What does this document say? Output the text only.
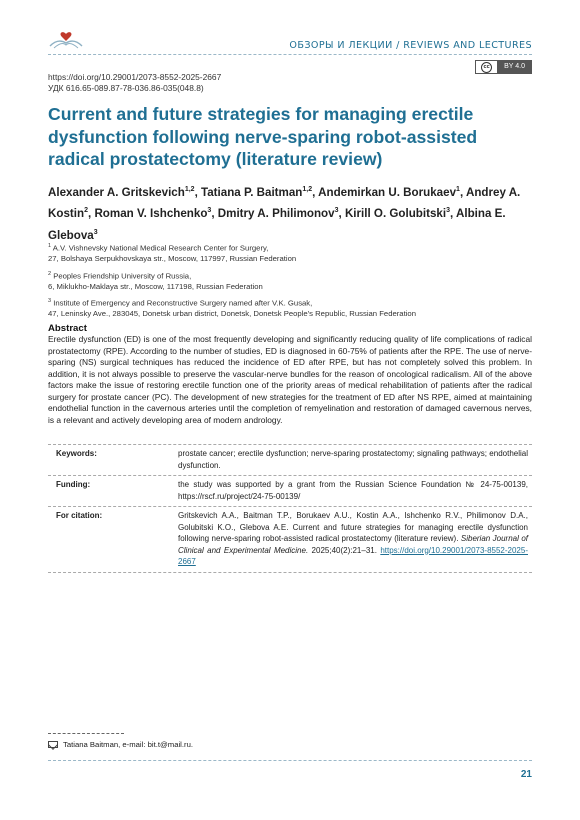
ОБЗОРЫ И ЛЕКЦИИ / REVIEWS AND LECTURES
cc	BY 4.0
https://doi.org/10.29001/2073-8552-2025-2667
УДК 616.65-089.87-78-036.86-035(048.8)
Current and future strategies for managing erectile dysfunction following nerve-sparing robot-assisted radical prostatectomy (literature review)
Alexander A. Gritskevich$^{1,2}$, Tatiana P. Baitman$^{1,2}$, Andemirkan U. Borukaev$^1$, Andrey A. Kostin$^2$, Roman V. Ishchenko$^3$, Dmitry A. Philimonov$^3$, Kirill O. Golubitski$^3$, Albina E. Glebova$^3$
$^1$ A.V. Vishnevsky National Medical Research Center for Surgery,
27, Bolshaya Serpukhovskaya str., Moscow, 117997, Russian Federation
$^2$ Peoples Friendship University of Russia,
6, Miklukho-Maklaya str., Moscow, 117198, Russian Federation
$^3$ Institute of Emergency and Reconstructive Surgery named after V.K. Gusak,
47, Leninsky Ave., 283045, Donetsk urban district, Donetsk, Donetsk People's Republic, Russian Federation
Abstract
Erectile dysfunction (ED) is one of the most frequently developing and significantly reducing quality of life complications of radical prostatectomy (RPE). According to the number of studies, ED is diagnosed in 60-75% of patients after the RPE. The use of nerve-sparing (NS) surgical techniques has reduced the incidence of ED after RPE, but has not completely solved this problem. In addition, it is not always possible to preserve the vascular-nerve bundles for the reason of oncological radicalism. All of the above factors make the issue of restoring erectile function one of the priority areas of medical rehabilitation of patients after the radical surgery for prostate cancer (PC). The development of new strategies for the treatment of ED after NS RPE, aimed at maintaining endothelial function in the cavernous arteries until the completion of remyelination and restoration of damaged cavernous nerves, is a relevant and actively developing area of modern andrology.
Keywords:	prostate cancer; erectile dysfunction; nerve-sparing prostatectomy; signaling pathways; endothelial dysfunction.
Funding:	the study was supported by a grant from the Russian Science Foundation № 24-75-00139, https://rscf.ru/project/24-75-00139/
For citation:	Gritskevich A.A., Baitman T.P., Borukaev A.U., Kostin A.A., Ishchenko R.V., Philimonov D.A., Golubitski K.O., Glebova A.E. Current and future strategies for managing erectile dysfunction following nerve-sparing robot-assisted radical prostatectomy (literature review). Siberian Journal of Clinical and Experimental Medicine. 2025;40(2):21–31. https://doi.org/10.29001/2073-8552-2025-2667
Tatiana Baitman, e-mail: bit.t@mail.ru.
21
